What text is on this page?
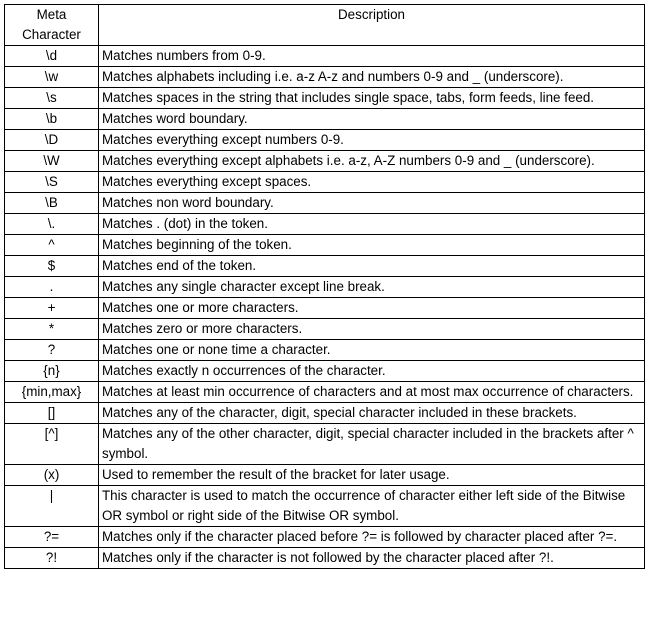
Meta Character	Description
\d	Matches numbers from 0-9.
\w	Matches alphabets including i.e. a-z A-z and numbers 0-9 and _ (underscore).
\s	Matches spaces in the string that includes single space, tabs, form feeds, line feed.
\b	Matches word boundary.
\D	Matches everything except numbers 0-9.
\W	Matches everything except alphabets i.e. a-z, A-Z numbers 0-9 and _ (underscore).
\S	Matches everything except spaces.
\B	Matches non word boundary.
\.	Matches . (dot) in the token.
^	Matches beginning of the token.
$	Matches end of the token.
.	Matches any single character except line break.
+	Matches one or more characters.
*	Matches zero or more characters.
?	Matches one or none time a character.
{n}	Matches exactly n occurrences of the character.
{min,max}	Matches at least min occurrence of characters and at most max occurrence of characters.
[]	Matches any of the character, digit, special character included in these brackets.
[^]	Matches any of the other character, digit, special character included in the brackets after ^ symbol.
(x)	Used to remember the result of the bracket for later usage.
|	This character is used to match the occurrence of character either left side of the Bitwise OR symbol or right side of the Bitwise OR symbol.
?=	Matches only if the character placed before ?= is followed by character placed after ?=.
?!	Matches only if the character is not followed by the character placed after ?!.
